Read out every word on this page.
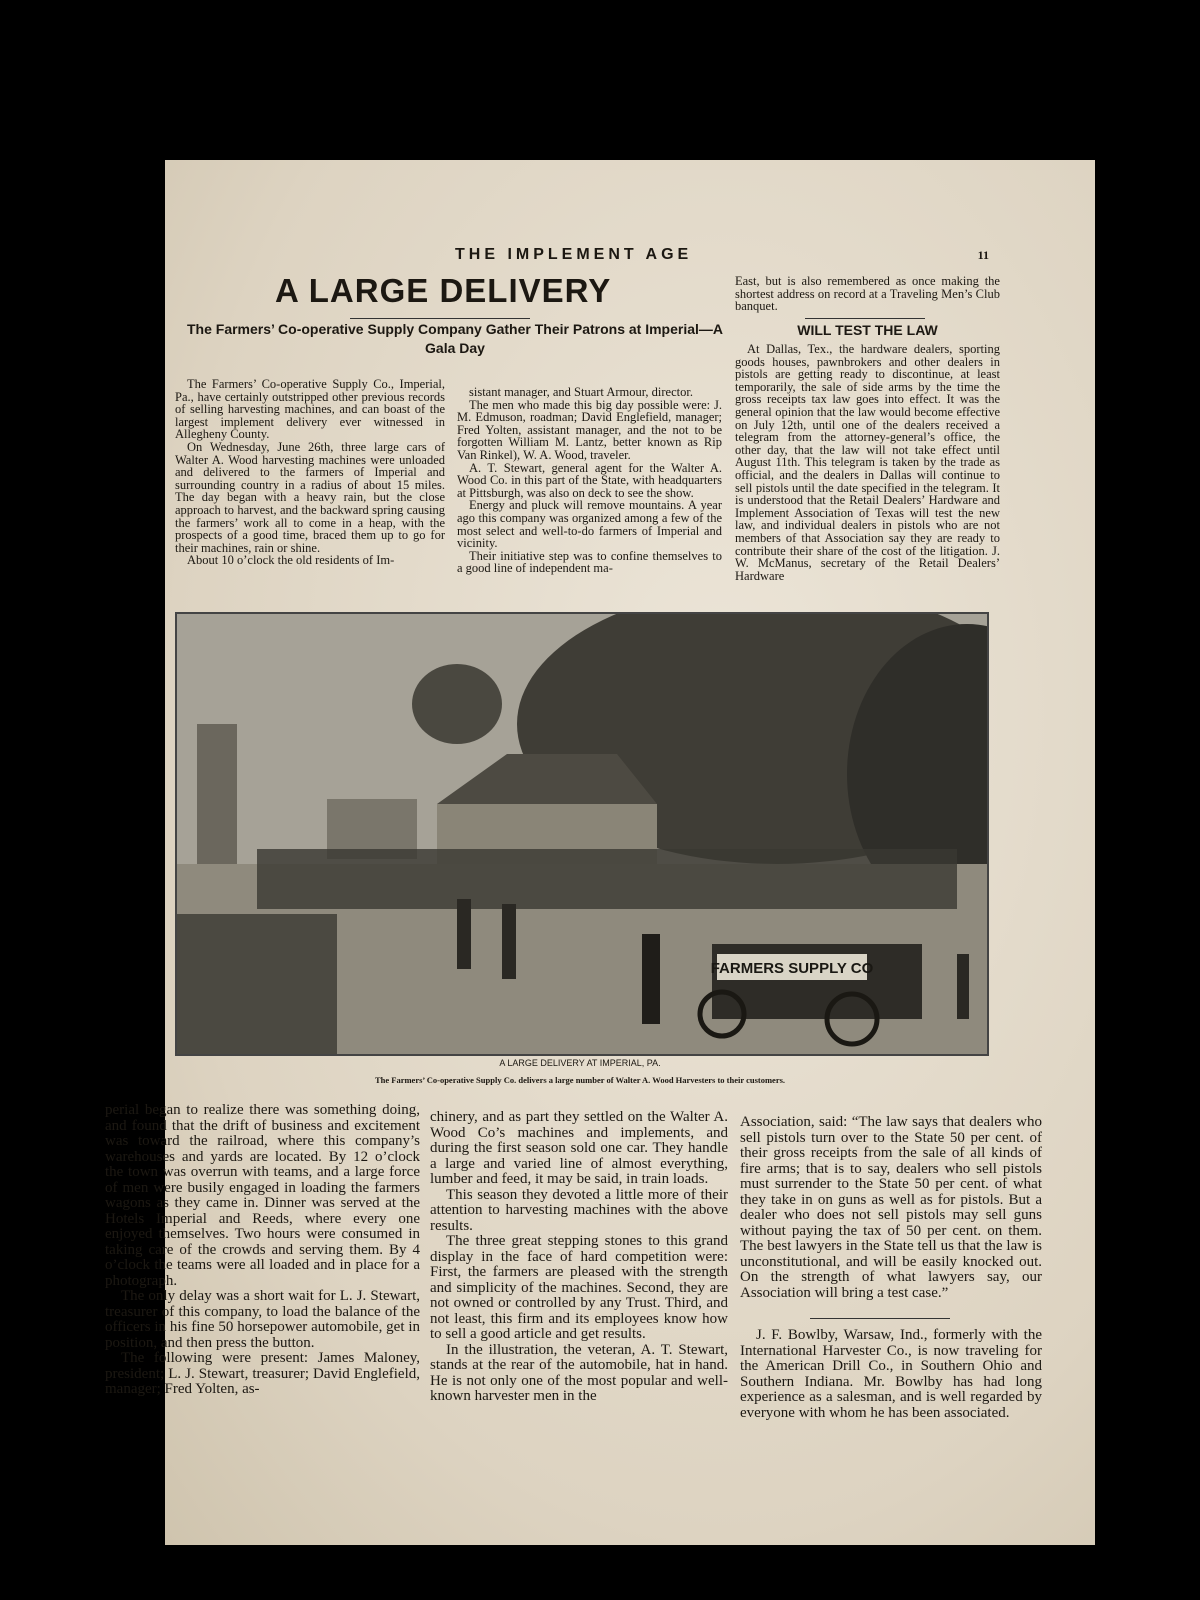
THE IMPLEMENT AGE	11
A LARGE DELIVERY
The Farmers’ Co-operative Supply Company Gather Their Patrons at Imperial—A Gala Day

The Farmers’ Co-operative Supply Co., Imperial, Pa., have certainly outstripped other previous records of selling harvesting machines, and can boast of the largest implement delivery ever witnessed in Allegheny County.

On Wednesday, June 26th, three large cars of Walter A. Wood harvesting machines were unloaded and delivered to the farmers of Imperial and surrounding country in a radius of about 15 miles. The day began with a heavy rain, but the close approach to harvest, and the backward spring causing the farmers’ work all to come in a heap, with the prospects of a good time, braced them up to go for their machines, rain or shine.

About 10 o’clock the old residents of Im-

sistant manager, and Stuart Armour, director.

The men who made this big day possible were: J. M. Edmuson, roadman; David Englefield, manager; Fred Yolten, assistant manager, and the not to be forgotten William M. Lantz, better known as Rip Van Rinkel), W. A. Wood, traveler.

A. T. Stewart, general agent for the Walter A. Wood Co. in this part of the State, with headquarters at Pittsburgh, was also on deck to see the show.

Energy and pluck will remove mountains. A year ago this company was organized among a few of the most select and well-to-do farmers of Imperial and vicinity.

Their initiative step was to confine themselves to a good line of independent ma-

East, but is also remembered as once making the shortest address on record at a Traveling Men’s Club banquet.
WILL TEST THE LAW
At Dallas, Tex., the hardware dealers, sporting goods houses, pawnbrokers and other dealers in pistols are getting ready to discontinue, at least temporarily, the sale of side arms by the time the gross receipts tax law goes into effect. It was the general opinion that the law would become effective on July 12th, until one of the dealers received a telegram from the attorney-general’s office, the other day, that the law will not take effect until August 11th. This telegram is taken by the trade as official, and the dealers in Dallas will continue to sell pistols until the date specified in the telegram. It is understood that the Retail Dealers’ Hardware and Implement Association of Texas will test the new law, and individual dealers in pistols who are not members of that Association say they are ready to contribute their share of the cost of the litigation. J. W. McManus, secretary of the Retail Dealers’ Hardware
FARMERS SUPPLY CO
A LARGE DELIVERY AT IMPERIAL, PA.
The Farmers’ Co-operative Supply Co. delivers a large number of Walter A. Wood Harvesters to their customers.

perial began to realize there was something doing, and found that the drift of business and excitement was toward the railroad, where this company’s warehouses and yards are located. By 12 o’clock the town was overrun with teams, and a large force of men were busily engaged in loading the farmers wagons as they came in. Dinner was served at the Hotels Imperial and Reeds, where every one enjoyed themselves. Two hours were consumed in taking care of the crowds and serving them. By 4 o’clock the teams were all loaded and in place for a photograph.

The only delay was a short wait for L. J. Stewart, treasurer of this company, to load the balance of the officers in his fine 50 horsepower automobile, get in position, and then press the button.

The following were present: James Maloney, president; L. J. Stewart, treasurer; David Englefield, manager; Fred Yolten, as-

chinery, and as part they settled on the Walter A. Wood Co’s machines and implements, and during the first season sold one car. They handle a large and varied line of almost everything, lumber and feed, it may be said, in train loads.

This season they devoted a little more of their attention to harvesting machines with the above results.

The three great stepping stones to this grand display in the face of hard competition were: First, the farmers are pleased with the strength and simplicity of the machines. Second, they are not owned or controlled by any Trust. Third, and not least, this firm and its employees know how to sell a good article and get results.

In the illustration, the veteran, A. T. Stewart, stands at the rear of the automobile, hat in hand. He is not only one of the most popular and well-known harvester men in the

Association, said: “The law says that dealers who sell pistols turn over to the State 50 per cent. of their gross receipts from the sale of all kinds of fire arms; that is to say, dealers who sell pistols must surrender to the State 50 per cent. of what they take in on guns as well as for pistols. But a dealer who does not sell pistols may sell guns without paying the tax of 50 per cent. on them. The best lawyers in the State tell us that the law is unconstitutional, and will be easily knocked out. On the strength of what lawyers say, our Association will bring a test case.”
J. F. Bowlby, Warsaw, Ind., formerly with the International Harvester Co., is now traveling for the American Drill Co., in Southern Ohio and Southern Indiana. Mr. Bowlby has had long experience as a salesman, and is well regarded by everyone with whom he has been associated.
